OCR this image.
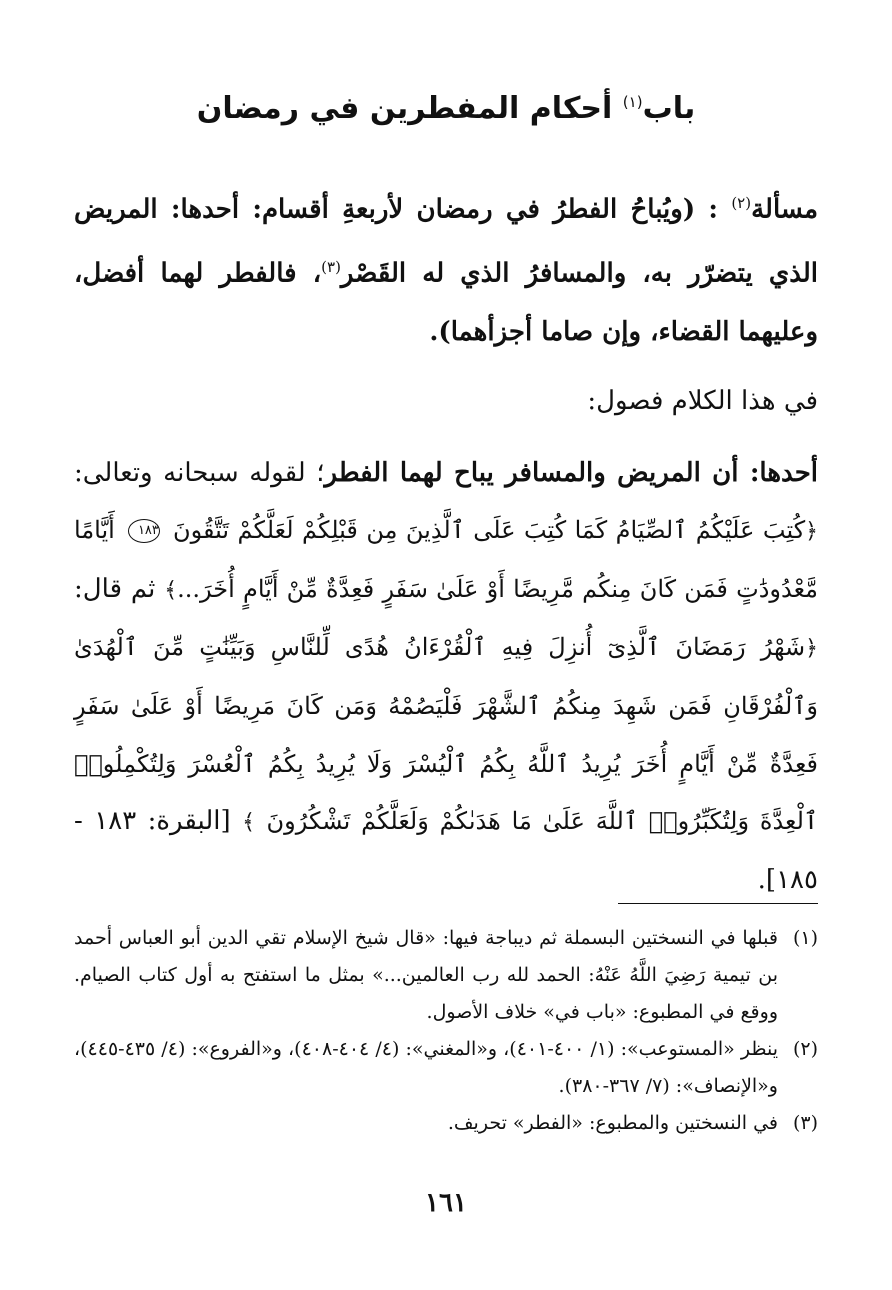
باب$^{(١)}$ أحكام المفطرين في رمضان

مسألة$^{(٢)}$ : (ويُباحُ الفطرُ في رمضان لأربعةِ أقسام: أحدها: المريض الذي يتضرّر به، والمسافرُ الذي له القَصْر$^{(٣)}$، فالفطر لهما أفضل، وعليهما القضاء، وإن صاما أجزأهما).

في هذا الكلام فصول:

أحدها: أن المريض والمسافر يباح لهما الفطر؛ لقوله سبحانه وتعالى: ﴿كُتِبَ عَلَيْكُمُ ٱلصِّيَامُ كَمَا كُتِبَ عَلَى ٱلَّذِينَ مِن قَبْلِكُمْ لَعَلَّكُمْ تَتَّقُونَ ١٨٣ أَيَّامًا مَّعْدُودَٰتٍ فَمَن كَانَ مِنكُم مَّرِيضًا أَوْ عَلَىٰ سَفَرٍ فَعِدَّةٌ مِّنْ أَيَّامٍ أُخَرَ...﴾ ثم قال: ﴿شَهْرُ رَمَضَانَ ٱلَّذِىٓ أُنزِلَ فِيهِ ٱلْقُرْءَانُ هُدًى لِّلنَّاسِ وَبَيِّنَٰتٍ مِّنَ ٱلْهُدَىٰ وَٱلْفُرْقَانِ فَمَن شَهِدَ مِنكُمُ ٱلشَّهْرَ فَلْيَصُمْهُ وَمَن كَانَ مَرِيضًا أَوْ عَلَىٰ سَفَرٍ فَعِدَّةٌ مِّنْ أَيَّامٍ أُخَرَ يُرِيدُ ٱللَّهُ بِكُمُ ٱلْيُسْرَ وَلَا يُرِيدُ بِكُمُ ٱلْعُسْرَ وَلِتُكْمِلُوا۟ ٱلْعِدَّةَ وَلِتُكَبِّرُوا۟ ٱللَّهَ عَلَىٰ مَا هَدَىٰكُمْ وَلَعَلَّكُمْ تَشْكُرُونَ ﴾ [البقرة: ١٨٣ - ١٨٥].

(١)
قبلها في النسختين البسملة ثم ديباجة فيها: «قال شيخ الإسلام تقي الدين أبو العباس أحمد بن تيمية رَضِيَ اللَّهُ عَنْهُ: الحمد لله رب العالمين...» بمثل ما استفتح به أول كتاب الصيام. ووقع في المطبوع: «باب في» خلاف الأصول.
(٢)
ينظر «المستوعب»: (١/ ٤٠٠-٤٠١)، و«المغني»: (٤/ ٤٠٤-٤٠٨)، و«الفروع»: (٤/ ٤٣٥-٤٤٥)، و«الإنصاف»: (٧/ ٣٦٧-٣٨٠).
(٣)
في النسختين والمطبوع: «الفطر» تحريف.
١٦١
